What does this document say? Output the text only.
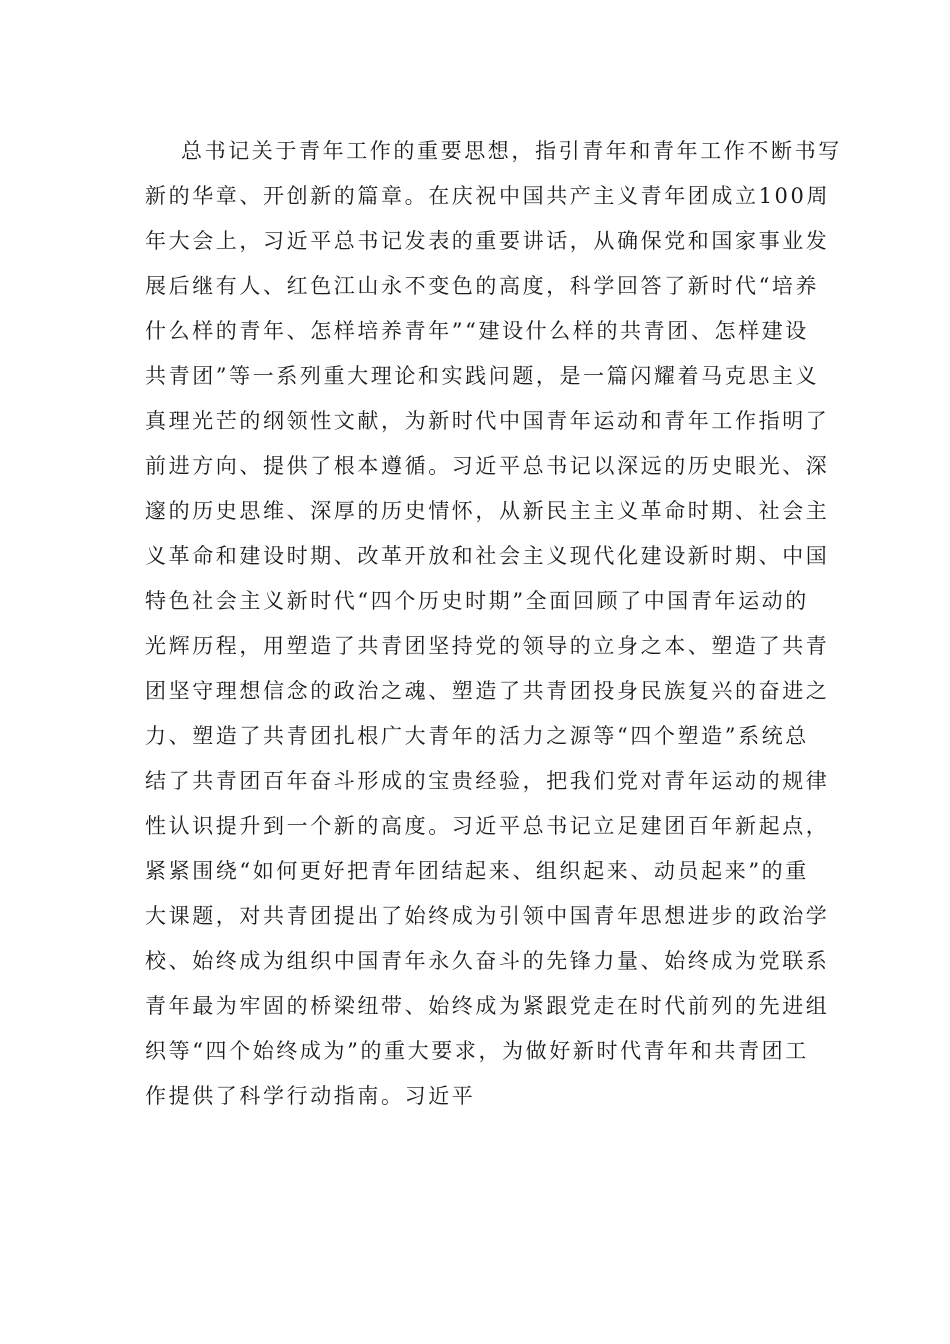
总书记关于青年工作的重要思想，指引青年和青年工作不断书写
新的华章、开创新的篇章。在庆祝中国共产主义青年团成立100周
年大会上，习近平总书记发表的重要讲话，从确保党和国家事业发
展后继有人、红色江山永不变色的高度，科学回答了新时代“培养
什么样的青年、怎样培养青年”“建设什么样的共青团、怎样建设
共青团”等一系列重大理论和实践问题，是一篇闪耀着马克思主义
真理光芒的纲领性文献，为新时代中国青年运动和青年工作指明了
前进方向、提供了根本遵循。习近平总书记以深远的历史眼光、深
邃的历史思维、深厚的历史情怀，从新民主主义革命时期、社会主
义革命和建设时期、改革开放和社会主义现代化建设新时期、中国
特色社会主义新时代“四个历史时期”全面回顾了中国青年运动的
光辉历程，用塑造了共青团坚持党的领导的立身之本、塑造了共青
团坚守理想信念的政治之魂、塑造了共青团投身民族复兴的奋进之
力、塑造了共青团扎根广大青年的活力之源等“四个塑造”系统总
结了共青团百年奋斗形成的宝贵经验，把我们党对青年运动的规律
性认识提升到一个新的高度。习近平总书记立足建团百年新起点，
紧紧围绕“如何更好把青年团结起来、组织起来、动员起来”的重
大课题，对共青团提出了始终成为引领中国青年思想进步的政治学
校、始终成为组织中国青年永久奋斗的先锋力量、始终成为党联系
青年最为牢固的桥梁纽带、始终成为紧跟党走在时代前列的先进组
织等“四个始终成为”的重大要求，为做好新时代青年和共青团工
作提供了科学行动指南。习近平
